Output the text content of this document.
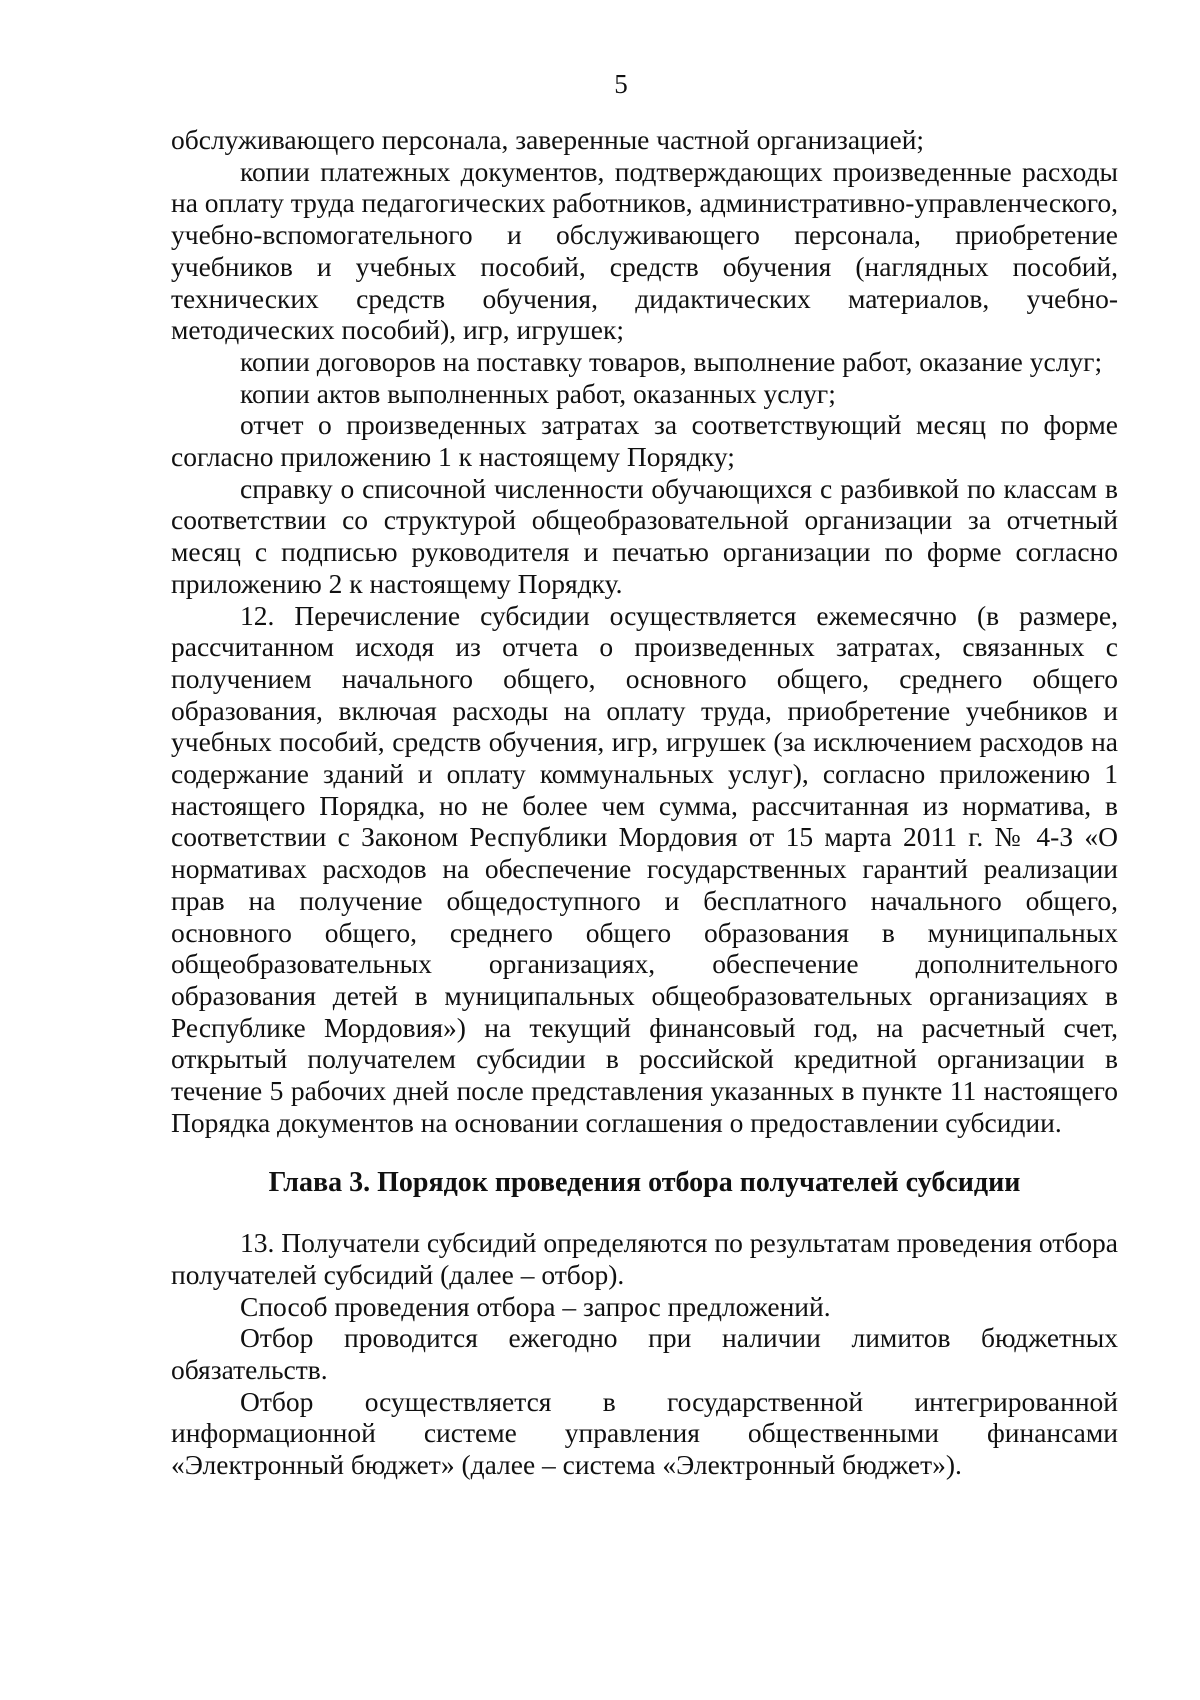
5

обслуживающего персонала, заверенные частной организацией;

копии платежных документов, подтверждающих произведенные расходы на оплату труда педагогических работников, административно-управленческого, учебно-вспомогательного и обслуживающего персонала, приобретение учебников и учебных пособий, средств обучения (наглядных пособий, технических средств обучения, дидактических материалов, учебно-методических пособий), игр, игрушек;

копии договоров на поставку товаров, выполнение работ, оказание услуг;

копии актов выполненных работ, оказанных услуг;

отчет о произведенных затратах за соответствующий месяц по форме согласно приложению 1 к настоящему Порядку;

справку о списочной численности обучающихся с разбивкой по классам в соответствии со структурой общеобразовательной организации за отчетный месяц с подписью руководителя и печатью организации по форме согласно приложению 2 к настоящему Порядку.

12. Перечисление субсидии осуществляется ежемесячно (в размере, рассчитанном исходя из отчета о произведенных затратах, связанных с получением начального общего, основного общего, среднего общего образования, включая расходы на оплату труда, приобретение учебников и учебных пособий, средств обучения, игр, игрушек (за исключением расходов на содержание зданий и оплату коммунальных услуг), согласно приложению 1 настоящего Порядка, но не более чем сумма, рассчитанная из норматива, в соответствии с Законом Республики Мордовия от 15 марта 2011 г. № 4-З «О нормативах расходов на обеспечение государственных гарантий реализации прав на получение общедоступного и бесплатного начального общего, основного общего, среднего общего образования в муниципальных общеобразовательных организациях, обеспечение дополнительного образования детей в муниципальных общеобразовательных организациях в Республике Мордовия») на текущий финансовый год, на расчетный счет, открытый получателем субсидии в российской кредитной организации в течение 5 рабочих дней после представления указанных в пункте 11 настоящего Порядка документов на основании соглашения о предоставлении субсидии.

Глава 3. Порядок проведения отбора получателей субсидии

13. Получатели субсидий определяются по результатам проведения отбора получателей субсидий (далее – отбор).

Способ проведения отбора – запрос предложений.

Отбор проводится ежегодно при наличии лимитов бюджетных обязательств.

Отбор осуществляется в государственной интегрированной информационной системе управления общественными финансами «Электронный бюджет» (далее – система «Электронный бюджет»).
